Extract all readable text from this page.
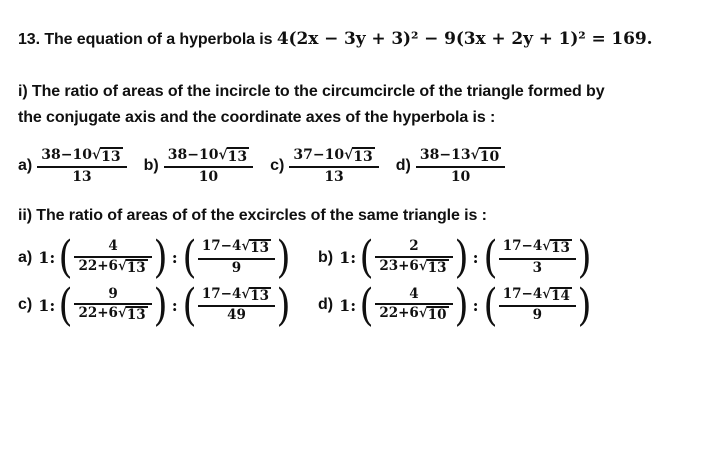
13. The equation of a hyperbola is 4(2x − 3y + 3)² − 9(3x + 2y + 1)² = 169.
i) The ratio of areas of the incircle to the circumcircle of the triangle formed by
the conjugate axis and the coordinate axes of the hyperbola is :
$a) \frac{38-10 √ 13}{13} b) \frac{38-10 √ 13}{10} c) \frac{37-10 √ 13}{13} d) \frac{38-13 √ 10}{10}$
ii) The ratio of areas of of the excircles of the same triangle is :
a) 1: ( $\frac{4}{22+6 √ 13}$ ) : ( $\frac{17-4 √ 13}{9}$ ) b) 1: ( $\frac{2}{23+6 √ 13}$ ) : ( $\frac{17-4 √ 13}{3}$ )
c) 1: ( $\frac{9}{22+6 √ 13}$ ) : ( $\frac{17-4 √ 13}{49}$ ) d) 1: ( $\frac{4}{22+6 √ 10}$ ) : ( $\frac{17-4 √ 14}{9}$ )
